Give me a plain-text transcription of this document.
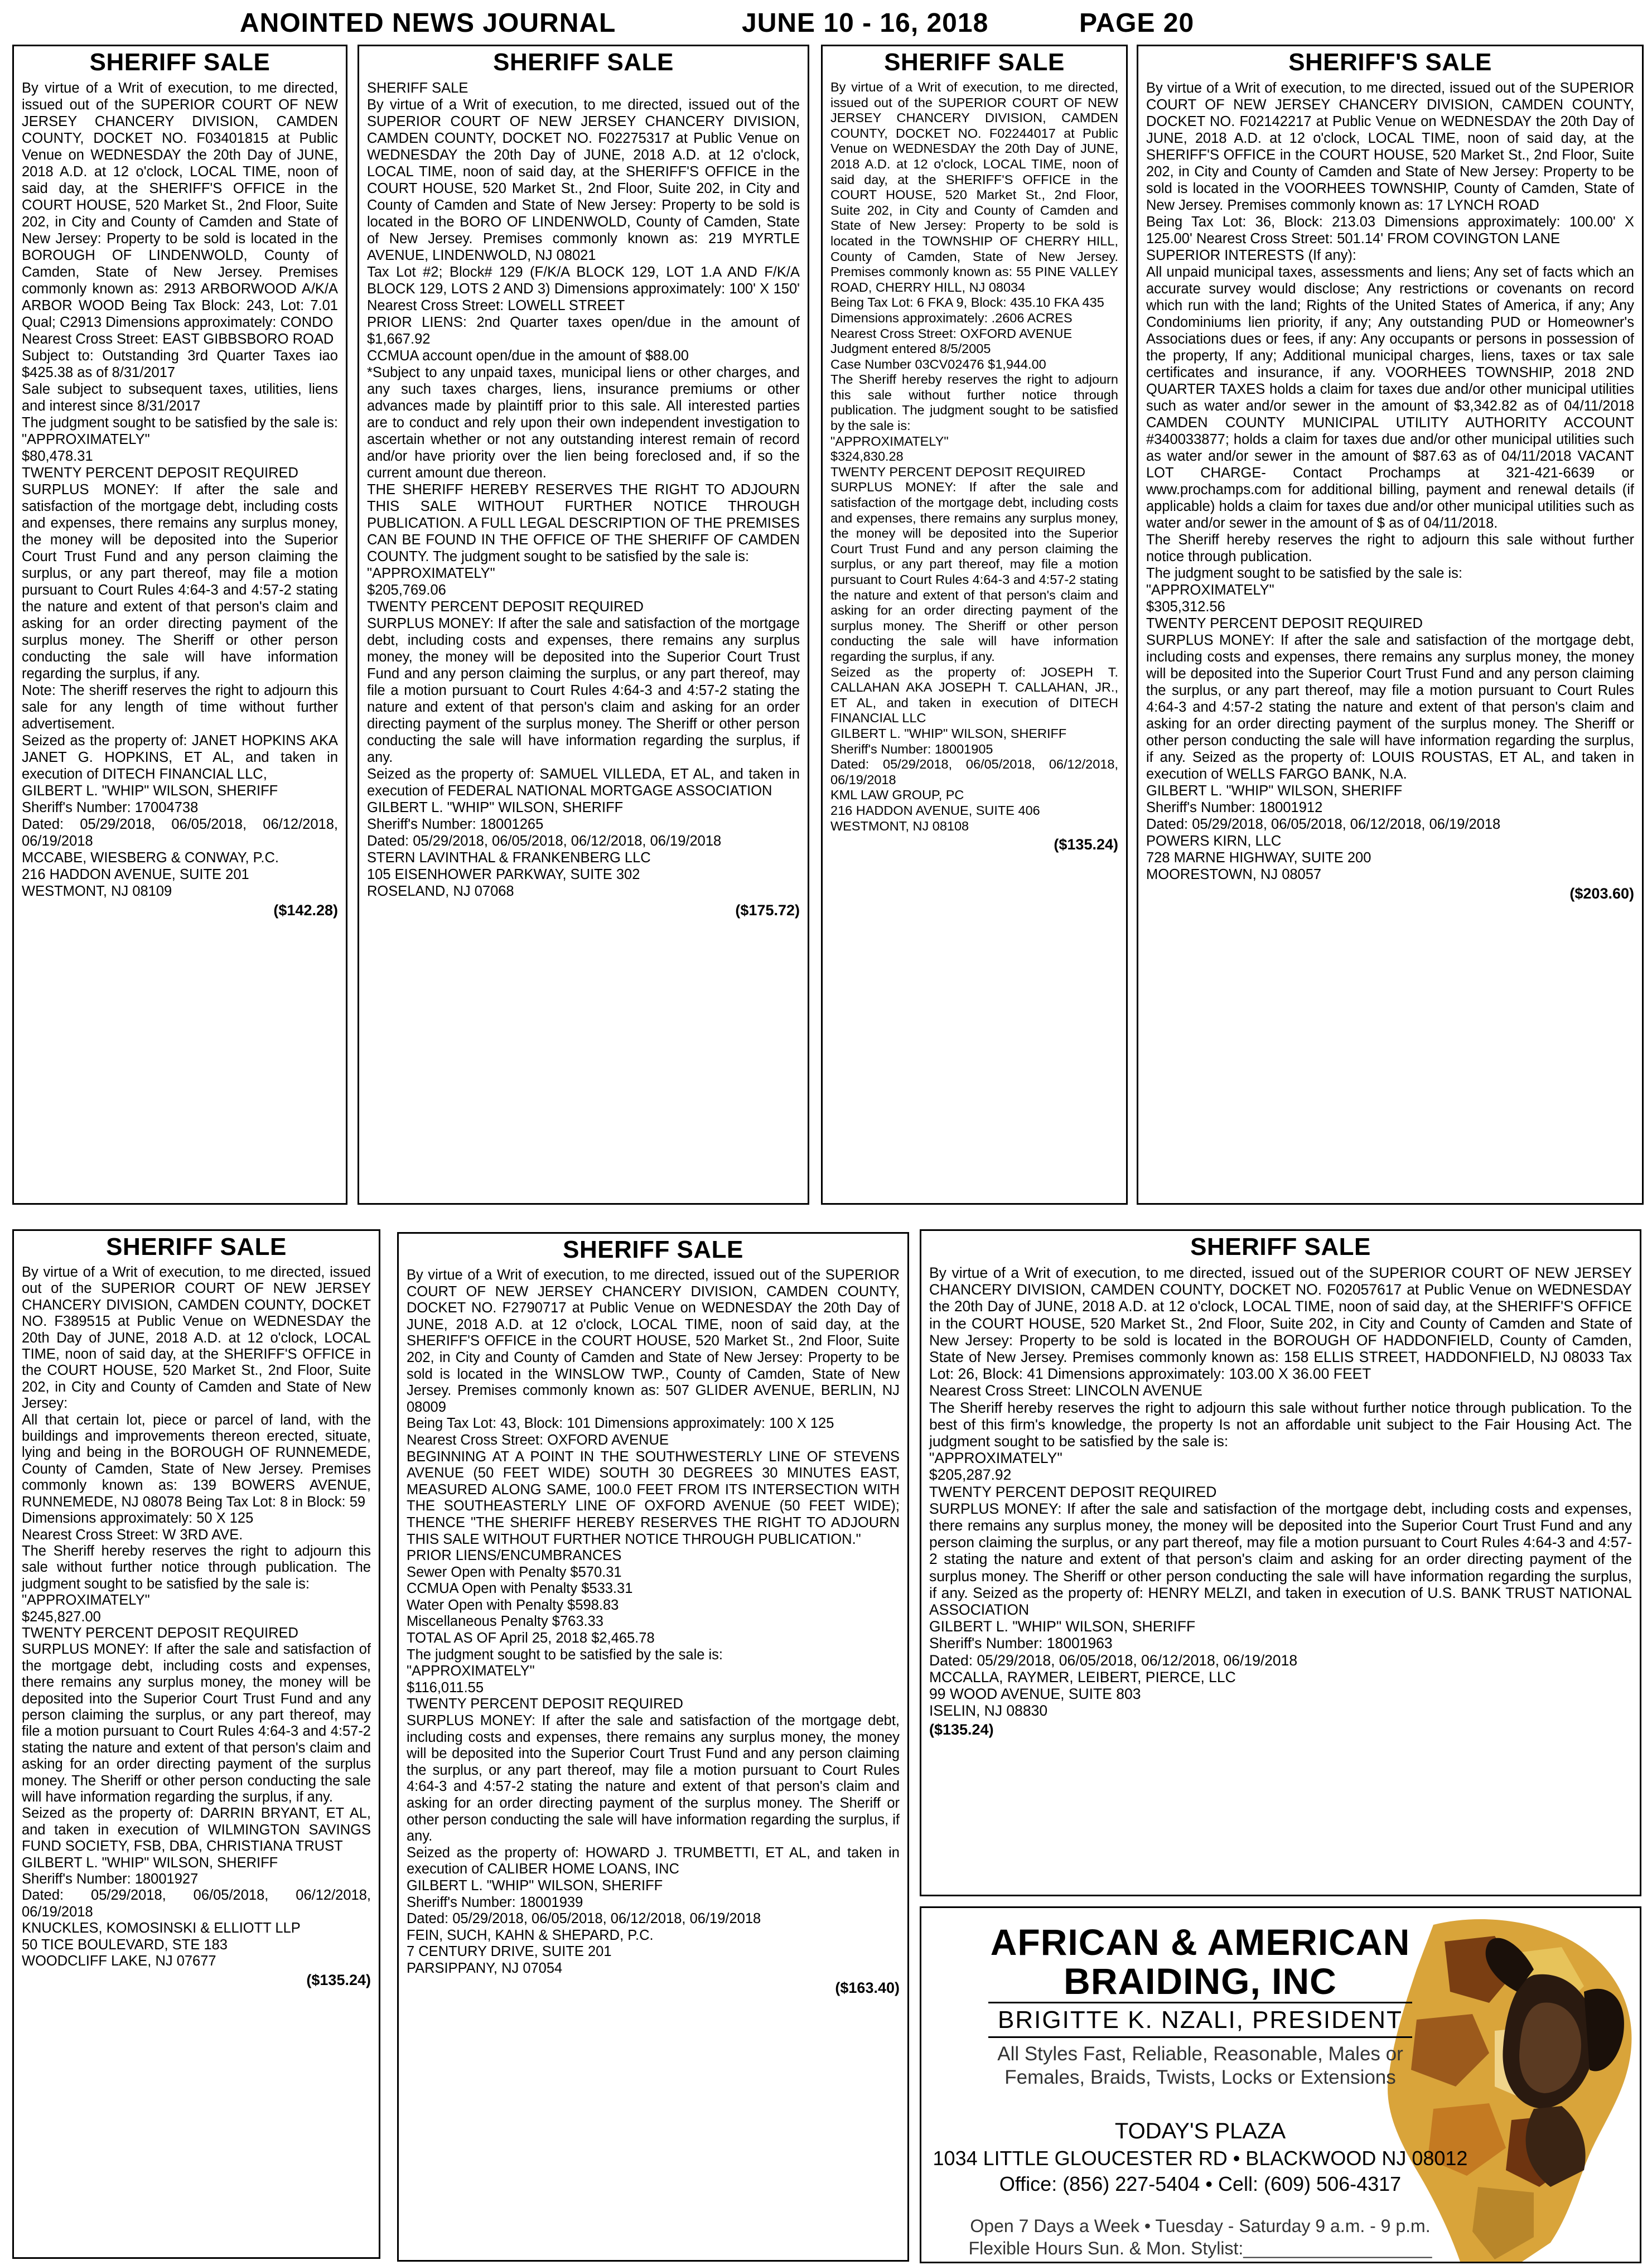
ANOINTED NEWS JOURNAL	JUNE 10 - 16, 2018	PAGE 20
SHERIFF SALE
By virtue of a Writ of execution, to me directed, issued out of the SUPERIOR COURT OF NEW JERSEY CHANCERY DIVISION, CAMDEN COUNTY, DOCKET NO. F03401815 at Public Venue on WEDNESDAY the 20th Day of JUNE, 2018 A.D. at 12 o'clock, LOCAL TIME, noon of said day, at the SHERIFF'S OFFICE in the COURT HOUSE, 520 Market St., 2nd Floor, Suite 202, in City and County of Camden and State of New Jersey: Property to be sold is located in the BOROUGH OF LINDENWOLD, County of Camden, State of New Jersey. Premises commonly known as: 2913 ARBORWOOD A/K/A ARBOR WOOD Being Tax Block: 243, Lot: 7.01 Qual; C2913 Dimensions approximately: CONDO
Nearest Cross Street: EAST GIBBSBORO ROAD
Subject to: Outstanding 3rd Quarter Taxes iao $425.38 as of 8/31/2017
Sale subject to subsequent taxes, utilities, liens and interest since 8/31/2017
The judgment sought to be satisfied by the sale is:
"APPROXIMATELY"
$80,478.31
TWENTY PERCENT DEPOSIT REQUIRED
SURPLUS MONEY: If after the sale and satisfaction of the mortgage debt, including costs and expenses, there remains any surplus money, the money will be deposited into the Superior Court Trust Fund and any person claiming the surplus, or any part thereof, may file a motion pursuant to Court Rules 4:64-3 and 4:57-2 stating the nature and extent of that person's claim and asking for an order directing payment of the surplus money. The Sheriff or other person conducting the sale will have information regarding the surplus, if any.
Note: The sheriff reserves the right to adjourn this sale for any length of time without further advertisement.
Seized as the property of: JANET HOPKINS AKA JANET G. HOPKINS, ET AL, and taken in execution of DITECH FINANCIAL LLC,
GILBERT L. "WHIP" WILSON, SHERIFF
Sheriff's Number: 17004738
Dated: 05/29/2018, 06/05/2018, 06/12/2018, 06/19/2018
MCCABE, WIESBERG & CONWAY, P.C.
216 HADDON AVENUE, SUITE 201
WESTMONT, NJ 08109
($142.28)
SHERIFF SALE
SHERIFF SALE
By virtue of a Writ of execution, to me directed, issued out of the SUPERIOR COURT OF NEW JERSEY CHANCERY DIVISION, CAMDEN COUNTY, DOCKET NO. F02275317 at Public Venue on WEDNESDAY the 20th Day of JUNE, 2018 A.D. at 12 o'clock, LOCAL TIME, noon of said day, at the SHERIFF'S OFFICE in the COURT HOUSE, 520 Market St., 2nd Floor, Suite 202, in City and County of Camden and State of New Jersey: Property to be sold is located in the BORO OF LINDENWOLD, County of Camden, State of New Jersey. Premises commonly known as: 219 MYRTLE AVENUE, LINDENWOLD, NJ 08021
Tax Lot #2; Block# 129 (F/K/A BLOCK 129, LOT 1.A AND F/K/A BLOCK 129, LOTS 2 AND 3) Dimensions approximately: 100' X 150' Nearest Cross Street: LOWELL STREET
PRIOR LIENS: 2nd Quarter taxes open/due in the amount of $1,667.92
CCMUA account open/due in the amount of $88.00
*Subject to any unpaid taxes, municipal liens or other charges, and any such taxes charges, liens, insurance premiums or other advances made by plaintiff prior to this sale. All interested parties are to conduct and rely upon their own independent investigation to ascertain whether or not any outstanding interest remain of record and/or have priority over the lien being foreclosed and, if so the current amount due thereon.
THE SHERIFF HEREBY RESERVES THE RIGHT TO ADJOURN THIS SALE WITHOUT FURTHER NOTICE THROUGH PUBLICATION. A FULL LEGAL DESCRIPTION OF THE PREMISES CAN BE FOUND IN THE OFFICE OF THE SHERIFF OF CAMDEN COUNTY. The judgment sought to be satisfied by the sale is:
"APPROXIMATELY"
$205,769.06
TWENTY PERCENT DEPOSIT REQUIRED
SURPLUS MONEY: If after the sale and satisfaction of the mortgage debt, including costs and expenses, there remains any surplus money, the money will be deposited into the Superior Court Trust Fund and any person claiming the surplus, or any part thereof, may file a motion pursuant to Court Rules 4:64-3 and 4:57-2 stating the nature and extent of that person's claim and asking for an order directing payment of the surplus money. The Sheriff or other person conducting the sale will have information regarding the surplus, if any.
Seized as the property of: SAMUEL VILLEDA, ET AL, and taken in execution of FEDERAL NATIONAL MORTGAGE ASSOCIATION
GILBERT L. "WHIP" WILSON, SHERIFF
Sheriff's Number: 18001265
Dated: 05/29/2018, 06/05/2018, 06/12/2018, 06/19/2018
STERN LAVINTHAL & FRANKENBERG LLC
105 EISENHOWER PARKWAY, SUITE 302
ROSELAND, NJ 07068
($175.72)
SHERIFF SALE
By virtue of a Writ of execution, to me directed, issued out of the SUPERIOR COURT OF NEW JERSEY CHANCERY DIVISION, CAMDEN COUNTY, DOCKET NO. F02244017 at Public Venue on WEDNESDAY the 20th Day of JUNE, 2018 A.D. at 12 o'clock, LOCAL TIME, noon of said day, at the SHERIFF'S OFFICE in the COURT HOUSE, 520 Market St., 2nd Floor, Suite 202, in City and County of Camden and State of New Jersey: Property to be sold is located in the TOWNSHIP OF CHERRY HILL, County of Camden, State of New Jersey. Premises commonly known as: 55 PINE VALLEY ROAD, CHERRY HILL, NJ 08034
Being Tax Lot: 6 FKA 9, Block: 435.10 FKA 435
Dimensions approximately: .2606 ACRES
Nearest Cross Street: OXFORD AVENUE
Judgment entered 8/5/2005
Case Number 03CV02476 $1,944.00
The Sheriff hereby reserves the right to adjourn this sale without further notice through publication. The judgment sought to be satisfied by the sale is:
"APPROXIMATELY"
$324,830.28
TWENTY PERCENT DEPOSIT REQUIRED
SURPLUS MONEY: If after the sale and satisfaction of the mortgage debt, including costs and expenses, there remains any surplus money, the money will be deposited into the Superior Court Trust Fund and any person claiming the surplus, or any part thereof, may file a motion pursuant to Court Rules 4:64-3 and 4:57-2 stating the nature and extent of that person's claim and asking for an order directing payment of the surplus money. The Sheriff or other person conducting the sale will have information regarding the surplus, if any.
Seized as the property of: JOSEPH T. CALLAHAN AKA JOSEPH T. CALLAHAN, JR., ET AL, and taken in execution of DITECH FINANCIAL LLC
GILBERT L. "WHIP" WILSON, SHERIFF
Sheriff's Number: 18001905
Dated: 05/29/2018, 06/05/2018, 06/12/2018, 06/19/2018
KML LAW GROUP, PC
216 HADDON AVENUE, SUITE 406
WESTMONT, NJ 08108
($135.24)
SHERIFF'S SALE
By virtue of a Writ of execution, to me directed, issued out of the SUPERIOR COURT OF NEW JERSEY CHANCERY DIVISION, CAMDEN COUNTY, DOCKET NO. F02142217 at Public Venue on WEDNESDAY the 20th Day of JUNE, 2018 A.D. at 12 o'clock, LOCAL TIME, noon of said day, at the SHERIFF'S OFFICE in the COURT HOUSE, 520 Market St., 2nd Floor, Suite 202, in City and County of Camden and State of New Jersey: Property to be sold is located in the VOORHEES TOWNSHIP, County of Camden, State of New Jersey. Premises commonly known as: 17 LYNCH ROAD
Being Tax Lot: 36, Block: 213.03 Dimensions approximately: 100.00' X 125.00' Nearest Cross Street: 501.14' FROM COVINGTON LANE
SUPERIOR INTERESTS (If any):
All unpaid municipal taxes, assessments and liens; Any set of facts which an accurate survey would disclose; Any restrictions or covenants on record which run with the land; Rights of the United States of America, if any; Any Condominiums lien priority, if any; Any outstanding PUD or Homeowner's Associations dues or fees, if any: Any occupants or persons in possession of the property, If any; Additional municipal charges, liens, taxes or tax sale certificates and insurance, if any. VOORHEES TOWNSHIP, 2018 2ND QUARTER TAXES holds a claim for taxes due and/or other municipal utilities such as water and/or sewer in the amount of $3,342.82 as of 04/11/2018 CAMDEN COUNTY MUNICIPAL UTILITY AUTHORITY ACCOUNT #340033877; holds a claim for taxes due and/or other municipal utilities such as water and/or sewer in the amount of $87.63 as of 04/11/2018 VACANT LOT CHARGE- Contact Prochamps at 321-421-6639 or www.prochamps.com for additional billing, payment and renewal details (if applicable) holds a claim for taxes due and/or other municipal utilities such as water and/or sewer in the amount of $ as of 04/11/2018.
The Sheriff hereby reserves the right to adjourn this sale without further notice through publication.
The judgment sought to be satisfied by the sale is:
"APPROXIMATELY"
$305,312.56
TWENTY PERCENT DEPOSIT REQUIRED
SURPLUS MONEY: If after the sale and satisfaction of the mortgage debt, including costs and expenses, there remains any surplus money, the money will be deposited into the Superior Court Trust Fund and any person claiming the surplus, or any part thereof, may file a motion pursuant to Court Rules 4:64-3 and 4:57-2 stating the nature and extent of that person's claim and asking for an order directing payment of the surplus money. The Sheriff or other person conducting the sale will have information regarding the surplus, if any. Seized as the property of: LOUIS ROUSTAS, ET AL, and taken in execution of WELLS FARGO BANK, N.A.
GILBERT L. "WHIP" WILSON, SHERIFF
Sheriff's Number: 18001912
Dated: 05/29/2018, 06/05/2018, 06/12/2018, 06/19/2018
POWERS KIRN, LLC
728 MARNE HIGHWAY, SUITE 200
MOORESTOWN, NJ 08057
($203.60)
SHERIFF SALE
By virtue of a Writ of execution, to me directed, issued out of the SUPERIOR COURT OF NEW JERSEY CHANCERY DIVISION, CAMDEN COUNTY, DOCKET NO. F389515 at Public Venue on WEDNESDAY the 20th Day of JUNE, 2018 A.D. at 12 o'clock, LOCAL TIME, noon of said day, at the SHERIFF'S OFFICE in the COURT HOUSE, 520 Market St., 2nd Floor, Suite 202, in City and County of Camden and State of New Jersey:
All that certain lot, piece or parcel of land, with the buildings and improvements thereon erected, situate, lying and being in the BOROUGH OF RUNNEMEDE, County of Camden, State of New Jersey. Premises commonly known as: 139 BOWERS AVENUE, RUNNEMEDE, NJ 08078 Being Tax Lot: 8 in Block: 59
Dimensions approximately: 50 X 125
Nearest Cross Street: W 3RD AVE.
The Sheriff hereby reserves the right to adjourn this sale without further notice through publication. The judgment sought to be satisfied by the sale is:
"APPROXIMATELY"
$245,827.00
TWENTY PERCENT DEPOSIT REQUIRED
SURPLUS MONEY: If after the sale and satisfaction of the mortgage debt, including costs and expenses, there remains any surplus money, the money will be deposited into the Superior Court Trust Fund and any person claiming the surplus, or any part thereof, may file a motion pursuant to Court Rules 4:64-3 and 4:57-2 stating the nature and extent of that person's claim and asking for an order directing payment of the surplus money. The Sheriff or other person conducting the sale will have information regarding the surplus, if any.
Seized as the property of: DARRIN BRYANT, ET AL, and taken in execution of WILMINGTON SAVINGS FUND SOCIETY, FSB, DBA, CHRISTIANA TRUST
GILBERT L. "WHIP" WILSON, SHERIFF
Sheriff's Number: 18001927
Dated: 05/29/2018, 06/05/2018, 06/12/2018, 06/19/2018
KNUCKLES, KOMOSINSKI & ELLIOTT LLP
50 TICE BOULEVARD, STE 183
WOODCLIFF LAKE, NJ 07677
($135.24)
SHERIFF SALE
By virtue of a Writ of execution, to me directed, issued out of the SUPERIOR COURT OF NEW JERSEY CHANCERY DIVISION, CAMDEN COUNTY, DOCKET NO. F2790717 at Public Venue on WEDNESDAY the 20th Day of JUNE, 2018 A.D. at 12 o'clock, LOCAL TIME, noon of said day, at the SHERIFF'S OFFICE in the COURT HOUSE, 520 Market St., 2nd Floor, Suite 202, in City and County of Camden and State of New Jersey: Property to be sold is located in the WINSLOW TWP., County of Camden, State of New Jersey. Premises commonly known as: 507 GLIDER AVENUE, BERLIN, NJ 08009
Being Tax Lot: 43, Block: 101 Dimensions approximately: 100 X 125
Nearest Cross Street: OXFORD AVENUE
BEGINNING AT A POINT IN THE SOUTHWESTERLY LINE OF STEVENS AVENUE (50 FEET WIDE) SOUTH 30 DEGREES 30 MINUTES EAST, MEASURED ALONG SAME, 100.0 FEET FROM ITS INTERSECTION WITH THE SOUTHEASTERLY LINE OF OXFORD AVENUE (50 FEET WIDE); THENCE "THE SHERIFF HEREBY RESERVES THE RIGHT TO ADJOURN THIS SALE WITHOUT FURTHER NOTICE THROUGH PUBLICATION."
PRIOR LIENS/ENCUMBRANCES
Sewer Open with Penalty $570.31
CCMUA Open with Penalty $533.31
Water Open with Penalty $598.83
Miscellaneous Penalty $763.33
TOTAL AS OF April 25, 2018 $2,465.78
The judgment sought to be satisfied by the sale is:
"APPROXIMATELY"
$116,011.55
TWENTY PERCENT DEPOSIT REQUIRED
SURPLUS MONEY: If after the sale and satisfaction of the mortgage debt, including costs and expenses, there remains any surplus money, the money will be deposited into the Superior Court Trust Fund and any person claiming the surplus, or any part thereof, may file a motion pursuant to Court Rules 4:64-3 and 4:57-2 stating the nature and extent of that person's claim and asking for an order directing payment of the surplus money. The Sheriff or other person conducting the sale will have information regarding the surplus, if any.
Seized as the property of: HOWARD J. TRUMBETTI, ET AL, and taken in execution of CALIBER HOME LOANS, INC
GILBERT L. "WHIP" WILSON, SHERIFF
Sheriff's Number: 18001939
Dated: 05/29/2018, 06/05/2018, 06/12/2018, 06/19/2018
FEIN, SUCH, KAHN & SHEPARD, P.C.
7 CENTURY DRIVE, SUITE 201
PARSIPPANY, NJ 07054
($163.40)
SHERIFF SALE
By virtue of a Writ of execution, to me directed, issued out of the SUPERIOR COURT OF NEW JERSEY CHANCERY DIVISION, CAMDEN COUNTY, DOCKET NO. F02057617 at Public Venue on WEDNESDAY the 20th Day of JUNE, 2018 A.D. at 12 o'clock, LOCAL TIME, noon of said day, at the SHERIFF'S OFFICE in the COURT HOUSE, 520 Market St., 2nd Floor, Suite 202, in City and County of Camden and State of New Jersey: Property to be sold is located in the BOROUGH OF HADDONFIELD, County of Camden, State of New Jersey. Premises commonly known as: 158 ELLIS STREET, HADDONFIELD, NJ 08033 Tax Lot: 26, Block: 41 Dimensions approximately: 103.00 X 36.00 FEET
Nearest Cross Street: LINCOLN AVENUE
The Sheriff hereby reserves the right to adjourn this sale without further notice through publication. To the best of this firm's knowledge, the property Is not an affordable unit subject to the Fair Housing Act. The judgment sought to be satisfied by the sale is:
"APPROXIMATELY"
$205,287.92
TWENTY PERCENT DEPOSIT REQUIRED
SURPLUS MONEY: If after the sale and satisfaction of the mortgage debt, including costs and expenses, there remains any surplus money, the money will be deposited into the Superior Court Trust Fund and any person claiming the surplus, or any part thereof, may file a motion pursuant to Court Rules 4:64-3 and 4:57-2 stating the nature and extent of that person's claim and asking for an order directing payment of the surplus money. The Sheriff or other person conducting the sale will have information regarding the surplus, if any. Seized as the property of: HENRY MELZI, and taken in execution of U.S. BANK TRUST NATIONAL ASSOCIATION
GILBERT L. "WHIP" WILSON, SHERIFF
Sheriff's Number: 18001963
Dated: 05/29/2018, 06/05/2018, 06/12/2018, 06/19/2018
MCCALLA, RAYMER, LEIBERT, PIERCE, LLC
99 WOOD AVENUE, SUITE 803
ISELIN, NJ 08830
($135.24)
AFRICAN & AMERICAN
BRAIDING, INC
BRIGITTE K. NZALI, PRESIDENT
All Styles Fast, Reliable, Reasonable, Males or
Females, Braids, Twists, Locks or Extensions
TODAY'S PLAZA
1034 LITTLE GLOUCESTER RD • BLACKWOOD NJ 08012
Office: (856) 227-5404 • Cell: (609) 506-4317
Open 7 Days a Week • Tuesday - Saturday 9 a.m. - 9 p.m.
Flexible Hours Sun. & Mon. Stylist:___________________
